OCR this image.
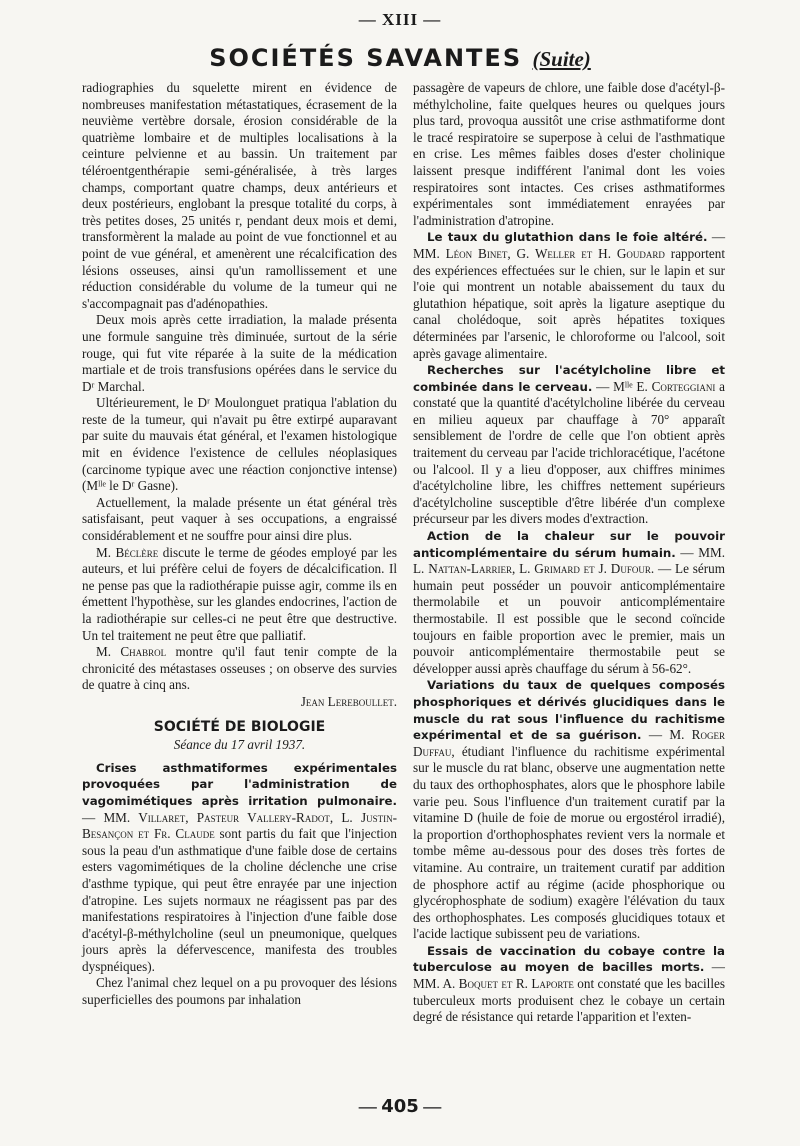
— XIII —
SOCIÉTÉS SAVANTES (Suite)

radiographies du squelette mirent en évidence de nombreuses manifestation métastatiques, écrasement de la neuvième vertèbre dorsale, érosion considérable de la quatrième lombaire et de multiples localisations à la ceinture pelvienne et au bassin. Un traitement par téléroentgenthérapie semi-généralisée, à très larges champs, comportant quatre champs, deux antérieurs et deux postérieurs, englobant la presque totalité du corps, à très petites doses, 25 unités r, pendant deux mois et demi, transformèrent la malade au point de vue fonctionnel et au point de vue général, et amenèrent une récalcification des lésions osseuses, ainsi qu'un ramollissement et une réduction considérable du volume de la tumeur qui ne s'accompagnait pas d'adénopathies.

Deux mois après cette irradiation, la malade présenta une formule sanguine très diminuée, surtout de la série rouge, qui fut vite réparée à la suite de la médication martiale et de trois transfusions opérées dans le service du Dʳ Marchal.

Ultérieurement, le Dʳ Moulonguet pratiqua l'ablation du reste de la tumeur, qui n'avait pu être extirpé auparavant par suite du mauvais état général, et l'examen histologique mit en évidence l'existence de cellules néoplasiques (carcinome typique avec une réaction conjonctive intense) (Mˡˡᵉ le Dʳ Gasne).

Actuellement, la malade présente un état général très satisfaisant, peut vaquer à ses occupations, a engraissé considérablement et ne souffre pour ainsi dire plus.

M. Béclère discute le terme de géodes employé par les auteurs, et lui préfère celui de foyers de décalcification. Il ne pense pas que la radiothérapie puisse agir, comme ils en émettent l'hypothèse, sur les glandes endocrines, l'action de la radiothérapie sur celles-ci ne peut être que destructive. Un tel traitement ne peut être que palliatif.

M. Chabrol montre qu'il faut tenir compte de la chronicité des métastases osseuses ; on observe des survies de quatre à cinq ans.

Jean Lereboullet.
SOCIÉTÉ DE BIOLOGIE
Séance du 17 avril 1937.

Crises asthmatiformes expérimentales provoquées par l'administration de vagomimétiques après irritation pulmonaire. — MM. Villaret, Pasteur Vallery-Radot, L. Justin-Besançon et Fr. Claude sont partis du fait que l'injection sous la peau d'un asthmatique d'une faible dose de certains esters vagomimétiques de la choline déclenche une crise d'asthme typique, qui peut être enrayée par une injection d'atropine. Les sujets normaux ne réagissent pas par des manifestations respiratoires à l'injection d'une faible dose d'acétyl-β-méthylcholine (seul un pneumonique, quelques jours après la défervescence, manifesta des troubles dyspnéiques).

Chez l'animal chez lequel on a pu provoquer des lésions superficielles des poumons par inhalation

passagère de vapeurs de chlore, une faible dose d'acétyl-β-méthylcholine, faite quelques heures ou quelques jours plus tard, provoqua aussitôt une crise asthmatiforme dont le tracé respiratoire se superpose à celui de l'asthmatique en crise. Les mêmes faibles doses d'ester cholinique laissent presque indifférent l'animal dont les voies respiratoires sont intactes. Ces crises asthmatiformes expérimentales sont immédiatement enrayées par l'administration d'atropine.

Le taux du glutathion dans le foie altéré. — MM. Léon Binet, G. Weller et H. Goudard rapportent des expériences effectuées sur le chien, sur le lapin et sur l'oie qui montrent un notable abaissement du taux du glutathion hépatique, soit après la ligature aseptique du canal cholédoque, soit après hépatites toxiques déterminées par l'arsenic, le chloroforme ou l'alcool, soit après gavage alimentaire.

Recherches sur l'acétylcholine libre et combinée dans le cerveau. — Mˡˡᵉ E. Corteggiani a constaté que la quantité d'acétylcholine libérée du cerveau en milieu aqueux par chauffage à 70° apparaît sensiblement de l'ordre de celle que l'on obtient après traitement du cerveau par l'acide trichloracétique, l'acétone ou l'alcool. Il y a lieu d'opposer, aux chiffres minimes d'acétylcholine libre, les chiffres nettement supérieurs d'acétylcholine susceptible d'être libérée d'un complexe précurseur par les divers modes d'extraction.

Action de la chaleur sur le pouvoir anticomplémentaire du sérum humain. — MM. L. Nattan-Larrier, L. Grimard et J. Dufour. — Le sérum humain peut posséder un pouvoir anticomplémentaire thermolabile et un pouvoir anticomplémentaire thermostabile. Il est possible que le second coïncide toujours en faible proportion avec le premier, mais un pouvoir anticomplémentaire thermostabile peut se développer aussi après chauffage du sérum à 56-62°.

Variations du taux de quelques composés phosphoriques et dérivés glucidiques dans le muscle du rat sous l'influence du rachitisme expérimental et de sa guérison. — M. Roger Duffau, étudiant l'influence du rachitisme expérimental sur le muscle du rat blanc, observe une augmentation nette du taux des orthophosphates, alors que le phosphore labile varie peu. Sous l'influence d'un traitement curatif par la vitamine D (huile de foie de morue ou ergostérol irradié), la proportion d'orthophosphates revient vers la normale et tombe même au-dessous pour des doses très fortes de vitamine. Au contraire, un traitement curatif par addition de phosphore actif au régime (acide phosphorique ou glycérophosphate de sodium) exagère l'élévation du taux des orthophosphates. Les composés glucidiques totaux et l'acide lactique subissent peu de variations.

Essais de vaccination du cobaye contre la tuberculose au moyen de bacilles morts. — MM. A. Boquet et R. Laporte ont constaté que les bacilles tuberculeux morts produisent chez le cobaye un certain degré de résistance qui retarde l'apparition et l'exten-

— 405 —
